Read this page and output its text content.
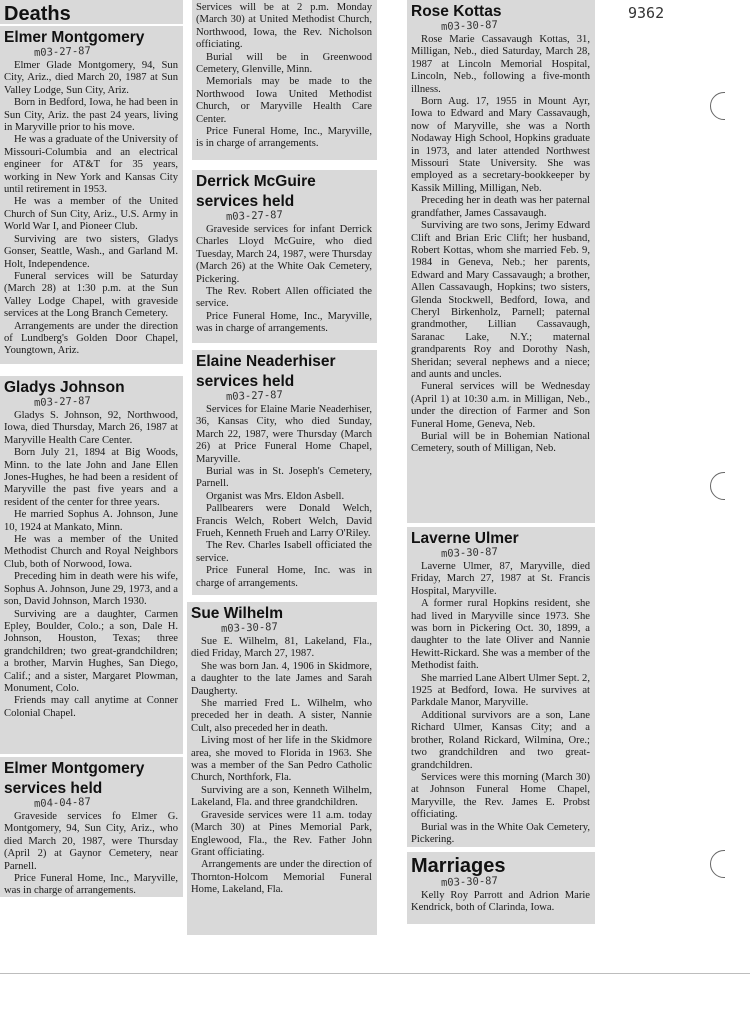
9362
Deaths
Elmer Montgomery
m03-27-87

Elmer Glade Montgomery, 94, Sun City, Ariz., died March 20, 1987 at Sun Valley Lodge, Sun City, Ariz.

Born in Bedford, Iowa, he had been in Sun City, Ariz. the past 24 years, living in Maryville prior to his move.

He was a graduate of the University of Missouri-Columbia and an electrical engineer for AT&T for 35 years, working in New York and Kansas City until retirement in 1953.

He was a member of the United Church of Sun City, Ariz., U.S. Army in World War I, and Pioneer Club.

Surviving are two sisters, Gladys Gonser, Seattle, Wash., and Garland M. Holt, Independence.

Funeral services will be Saturday (March 28) at 1:30 p.m. at the Sun Valley Lodge Chapel, with graveside services at the Long Branch Cemetery.

Arrangements are under the direction of Lundberg's Golden Door Chapel, Youngtown, Ariz.

Gladys Johnson
m03-27-87

Gladys S. Johnson, 92, Northwood, Iowa, died Thursday, March 26, 1987 at Maryville Health Care Center.

Born July 21, 1894 at Big Woods, Minn. to the late John and Jane Ellen Jones-Hughes, he had been a resident of Maryville the past five years and a resident of the center for three years.

He married Sophus A. Johnson, June 10, 1924 at Mankato, Minn.

He was a member of the United Methodist Church and Royal Neighbors Club, both of Norwood, Iowa.

Preceding him in death were his wife, Sophus A. Johnson, June 29, 1973, and a son, David Johnson, March 1930.

Surviving are a daughter, Carmen Epley, Boulder, Colo.; a son, Dale H. Johnson, Houston, Texas; three grandchildren; two great-grandchildren; a brother, Marvin Hughes, San Diego, Calif.; and a sister, Margaret Plowman, Monument, Colo.

Friends may call anytime at Conner Colonial Chapel.

Elmer Montgomery services held
m04-04-87

Graveside services fo Elmer G. Montgomery, 94, Sun City, Ariz., who died March 20, 1987, were Thursday (April 2) at Gaynor Cemetery, near Parnell.

Price Funeral Home, Inc., Maryville, was in charge of arrangements.

Services will be at 2 p.m. Monday (March 30) at United Methodist Church, Northwood, Iowa, the Rev. Nicholson officiating.

Burial will be in Greenwood Cemetery, Glenville, Minn.

Memorials may be made to the Northwood Iowa United Methodist Church, or Maryville Health Care Center.

Price Funeral Home, Inc., Maryville, is in charge of arrangements.

Derrick McGuire services held
m03-27-87

Graveside services for infant Derrick Charles Lloyd McGuire, who died Tuesday, March 24, 1987, were Thursday (March 26) at the White Oak Cemetery, Pickering.

The Rev. Robert Allen officiated the service.

Price Funeral Home, Inc., Maryville, was in charge of arrangements.

Elaine Neaderhiser services held
m03-27-87

Services for Elaine Marie Neaderhiser, 36, Kansas City, who died Sunday, March 22, 1987, were Thursday (March 26) at Price Funeral Home Chapel, Maryville.

Burial was in St. Joseph's Cemetery, Parnell.

Organist was Mrs. Eldon Asbell.

Pallbearers were Donald Welch, Francis Welch, Robert Welch, David Frueh, Kenneth Frueh and Larry O'Riley.

The Rev. Charles Isabell officiated the service.

Price Funeral Home, Inc. was in charge of arrangements.

Sue Wilhelm
m03-30-87

Sue E. Wilhelm, 81, Lakeland, Fla., died Friday, March 27, 1987.

She was born Jan. 4, 1906 in Skidmore, a daughter to the late James and Sarah Daugherty.

She married Fred L. Wilhelm, who preceded her in death. A sister, Nannie Cult, also preceded her in death.

Living most of her life in the Skidmore area, she moved to Florida in 1963. She was a member of the San Pedro Catholic Church, Northfork, Fla.

Surviving are a son, Kenneth Wilhelm, Lakeland, Fla. and three grandchildren.

Graveside services were 11 a.m. today (March 30) at Pines Memorial Park, Englewood, Fla., the Rev. Father John Grant officiating.

Arrangements are under the direction of Thornton-Holcom Memorial Funeral Home, Lakeland, Fla.

Rose Kottas
m03-30-87

Rose Marie Cassavaugh Kottas, 31, Milligan, Neb., died Saturday, March 28, 1987 at Lincoln Memorial Hospital, Lincoln, Neb., following a five-month illness.

Born Aug. 17, 1955 in Mount Ayr, Iowa to Edward and Mary Cassavaugh, now of Maryville, she was a North Nodaway High School, Hopkins graduate in 1973, and later attended Northwest Missouri State University. She was employed as a secretary-bookkeeper by Kassik Milling, Milligan, Neb.

Preceding her in death was her paternal grandfather, James Cassavaugh.

Surviving are two sons, Jerimy Edward Clift and Brian Eric Clift; her husband, Robert Kottas, whom she married Feb. 9, 1984 in Geneva, Neb.; her parents, Edward and Mary Cassavaugh; a brother, Allen Cassavaugh, Hopkins; two sisters, Glenda Stockwell, Bedford, Iowa, and Cheryl Birkenholz, Parnell; paternal grandmother, Lillian Cassavaugh, Saranac Lake, N.Y.; maternal grandparents Roy and Dorothy Nash, Sheridan; several nephews and a niece; and aunts and uncles.

Funeral services will be Wednesday (April 1) at 10:30 a.m. in Milligan, Neb., under the direction of Farmer and Son Funeral Home, Geneva, Neb.

Burial will be in Bohemian National Cemetery, south of Milligan, Neb.

Laverne Ulmer
m03-30-87

Laverne Ulmer, 87, Maryville, died Friday, March 27, 1987 at St. Francis Hospital, Maryville.

A former rural Hopkins resident, she had lived in Maryville since 1973. She was born in Pickering Oct. 30, 1899, a daughter to the late Oliver and Nannie Hewitt-Rickard. She was a member of the Methodist faith.

She married Lane Albert Ulmer Sept. 2, 1925 at Bedford, Iowa. He survives at Parkdale Manor, Maryville.

Additional survivors are a son, Lane Richard Ulmer, Kansas City; and a brother, Roland Rickard, Wilmina, Ore.; two grandchildren and two great-grandchildren.

Services were this morning (March 30) at Johnson Funeral Home Chapel, Maryville, the Rev. James E. Probst officiating.

Burial was in the White Oak Cemetery, Pickering.

Marriages
m03-30-87

Kelly Roy Parrott and Adrion Marie Kendrick, both of Clarinda, Iowa.
